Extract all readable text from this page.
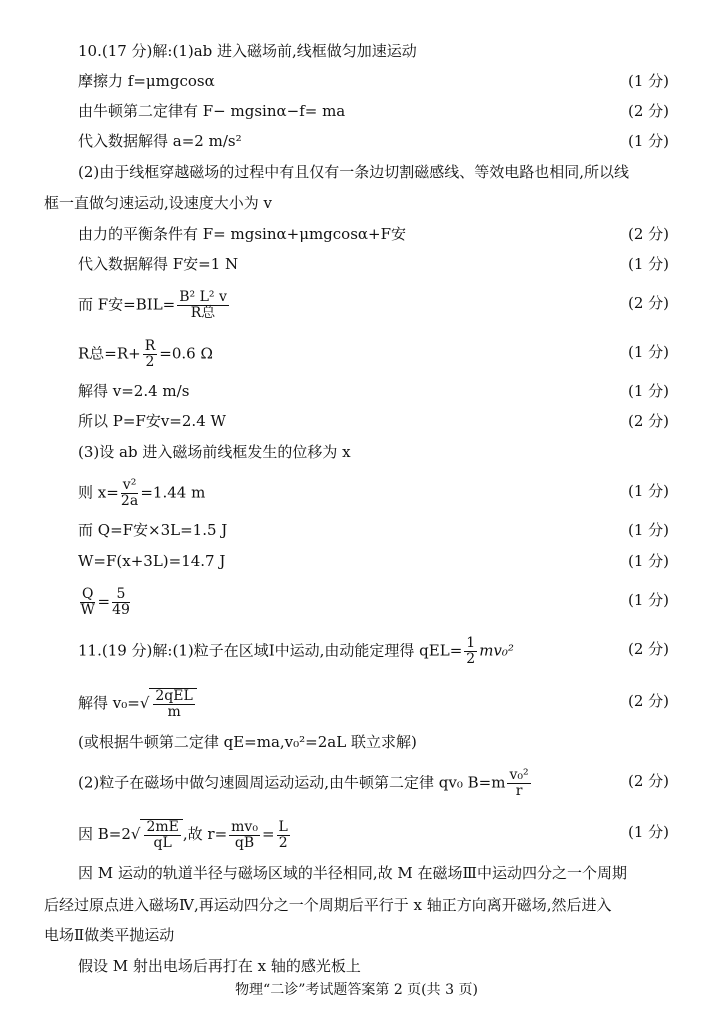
10.(17 分)解:(1)ab 进入磁场前,线框做匀加速运动
摩擦力 f=μmgcosα	(1 分)
由牛顿第二定律有 F− mgsinα−f= ma	(2 分)
代入数据解得 a=2 m/s²	(1 分)
(2)由于线框穿越磁场的过程中有且仅有一条边切割磁感线、等效电路也相同,所以线
框一直做匀速运动,设速度大小为 v
由力的平衡条件有 F= mgsinα+μmgcosα+F安	(2 分)
代入数据解得 F安=1 N	(1 分)
而 F安$=BIL= \frac{\text{B² L² v}}{\text{R总}}$	(2 分)
R总$=R+ \frac{R}{2} =0.6$ Ω	(1 分)
解得 v=2.4 m/s	(1 分)
所以 P=F安v=2.4 W	(2 分)
(3)设 ab 进入磁场前线框发生的位移为 x
则 $x= \frac{\text{v²}}{2a} =1.44$ m	(1 分)
而 Q=F安×3L=1.5 J	(1 分)
W=F(x+3L)=14.7 J	(1 分)
$\frac{Q}{W} = \frac{5}{49}$	(1 分)
11.(19 分)解:(1)粒子在区域Ⅰ中运动,由动能定理得 $qEL= \frac{1}{2} mv_0^2$	(2 分)
解得 $v_0=√ \frac{\text{2qEL}}{m}$	(2 分)
(或根据牛顿第二定律 qE=ma,v₀²=2aL 联立求解)
(2)粒子在磁场中做匀速圆周运动运动,由牛顿第二定律 qv₀ $B=m \frac{\text{v₀²}}{r}$	(2 分)
因 $B=2√ \frac{2mE}{qL}$ ,故 $r= \frac{\text{mv₀}}{qB} = \frac{L}{2}$	(1 分)
因 M 运动的轨道半径与磁场区域的半径相同,故 M 在磁场Ⅲ中运动四分之一个周期
后经过原点进入磁场Ⅳ,再运动四分之一个周期后平行于 x 轴正方向离开磁场,然后进入
电场Ⅱ做类平抛运动
假设 M 射出电场后再打在 x 轴的感光板上
物理“二诊”考试题答案第 2 页(共 3 页)
